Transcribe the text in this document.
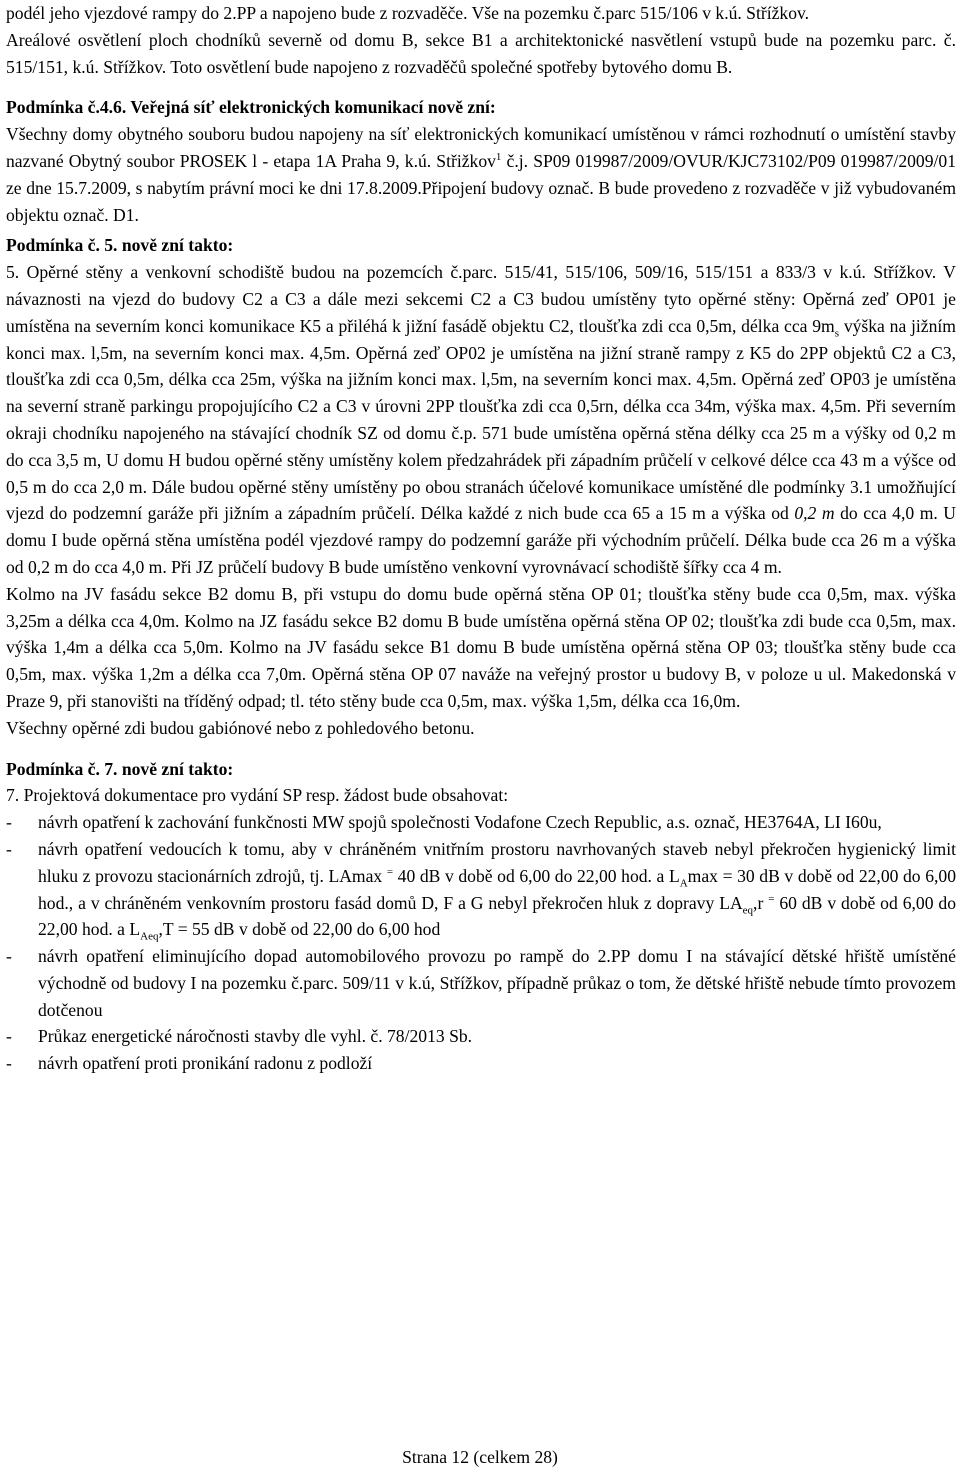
podél jeho vjezdové rampy do 2.PP a napojeno bude z rozvaděče. Vše na pozemku č.parc 515/106 v k.ú. Střížkov.

Areálové osvětlení ploch chodníků severně od domu B, sekce B1 a architektonické nasvětlení vstupů bude na pozemku parc. č. 515/151, k.ú. Střížkov. Toto osvětlení bude napojeno z rozvaděčů společné spotřeby bytového domu B.

Podmínka č.4.6. Veřejná síť elektronických komunikací nově zní:

Všechny domy obytného souboru budou napojeny na síť elektronických komunikací umístěnou v rámci rozhodnutí o umístění stavby nazvané Obytný soubor PROSEK l - etapa 1A Praha 9, k.ú. Střižkov$^1$ č.j. SP09 019987/2009/OVUR/KJC73102/P09 019987/2009/01 ze dne 15.7.2009, s nabytím právní moci ke dni 17.8.2009.Připojení budovy označ. B bude provedeno z rozvaděče v již vybudovaném objektu označ. D1.

Podmínka č. 5. nově zní takto:

5. Opěrné stěny a venkovní schodiště budou na pozemcích č.parc. 515/41, 515/106, 509/16, 515/151 a 833/3 v k.ú. Střížkov. V návaznosti na vjezd do budovy C2 a C3 a dále mezi sekcemi C2 a C3 budou umístěny tyto opěrné stěny: Opěrná zeď OP01 je umístěna na severním konci komunikace K5 a přiléhá k jižní fasádě objektu C2, tloušťka zdi cca 0,5m, délka cca $9m_s$ výška na jižním konci max. l,5m, na severním konci max. 4,5m. Opěrná zeď OP02 je umístěna na jižní straně rampy z K5 do 2PP objektů C2 a C3, tloušťka zdi cca 0,5m, délka cca 25m, výška na jižním konci max. l,5m, na severním konci max. 4,5m. Opěrná zeď OP03 je umístěna na severní straně parkingu propojujícího C2 a C3 v úrovni 2PP tloušťka zdi cca 0,5rn, délka cca 34m, výška max. 4,5m. Při severním okraji chodníku napojeného na stávající chodník SZ od domu č.p. 571 bude umístěna opěrná stěna délky cca 25 m a výšky od 0,2 m do cca 3,5 m, U domu H budou opěrné stěny umístěny kolem předzahrádek při západním průčelí v celkové délce cca 43 m a výšce od 0,5 m do cca 2,0 m. Dále budou opěrné stěny umístěny po obou stranách účelové komunikace umístěné dle podmínky 3.1 umožňující vjezd do podzemní garáže při jižním a západním průčelí. Délka každé z nich bude cca 65 a 15 m a výška od 0,2 m do cca 4,0 m. U domu I bude opěrná stěna umístěna podél vjezdové rampy do podzemní garáže při východním průčelí. Délka bude cca 26 m a výška od 0,2 m do cca 4,0 m. Při JZ průčelí budovy B bude umístěno venkovní vyrovnávací schodiště šířky cca 4 m.

Kolmo na JV fasádu sekce B2 domu B, při vstupu do domu bude opěrná stěna OP 01; tloušťka stěny bude cca 0,5m, max. výška 3,25m a délka cca 4,0m. Kolmo na JZ fasádu sekce B2 domu B bude umístěna opěrná stěna OP 02; tloušťka zdi bude cca 0,5m, max. výška 1,4m a délka cca 5,0m. Kolmo na JV fasádu sekce B1 domu B bude umístěna opěrná stěna OP 03; tloušťka stěny bude cca 0,5m, max. výška 1,2m a délka cca 7,0m. Opěrná stěna OP 07 naváže na veřejný prostor u budovy B, v poloze u ul. Makedonská v Praze 9, při stanovišti na tříděný odpad; tl. této stěny bude cca 0,5m, max. výška 1,5m, délka cca 16,0m.

Všechny opěrné zdi budou gabiónové nebo z pohledového betonu.

Podmínka č. 7. nově zní takto:

7. Projektová dokumentace pro vydání SP resp. žádost bude obsahovat:

-	návrh opatření k zachování funkčnosti MW spojů společnosti Vodafone Czech Republic, a.s. označ, HE3764A, LI I60u,
-	návrh opatření vedoucích k tomu, aby v chráněném vnitřním prostoru navrhovaných staveb nebyl překročen hygienický limit hluku z provozu stacionárních zdrojů, tj. LAmax = 40 dB v době od 6,00 do 22,00 hod. a $L_A\max = 30$ dB v době od 22,00 do 6,00 hod., a v chráněném venkovním prostoru fasád domů D, F a G nebyl překročen hluk z dopravy $LA_{eq},r$ = 60 dB v době od 6,00 do 22,00 hod. a $L_{Aeq},T = 55$ dB v době od 22,00 do 6,00 hod
-	návrh opatření eliminujícího dopad automobilového provozu po rampě do 2.PP domu I na stávající dětské hřiště umístěné východně od budovy I na pozemku č.parc. 509/11 v k.ú, Střížkov, případně průkaz o tom, že dětské hřiště nebude tímto provozem dotčenou
-	Průkaz energetické náročnosti stavby dle vyhl. č. 78/2013 Sb.
-	návrh opatření proti pronikání radonu z podloží
Strana 12 (celkem 28)
